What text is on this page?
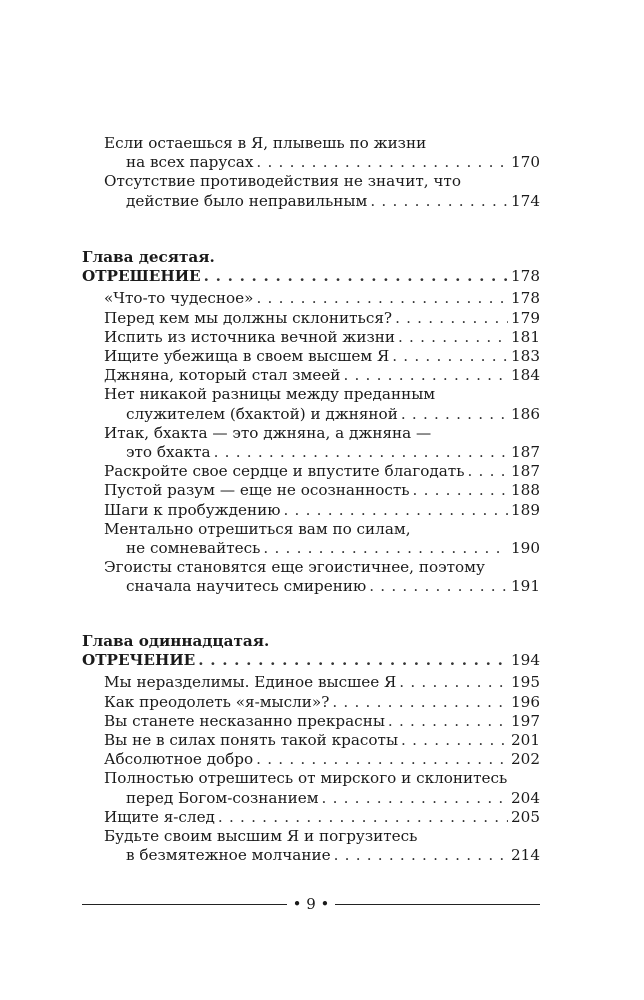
Если остаешься в Я, плывешь по жизни
на всех парусах . . .	170
Отсутствие противодействия не значит, что
действие было неправильным . . .	174
Глава десятая.
ОТРЕШЕНИЕ . . .	178
«Что-то чудесное» . . .	178
Перед кем мы должны склониться? . . .	179
Испить из источника вечной жизни . . .	181
Ищите убежища в своем высшем Я . . .	183
Джняна, который стал змеей . . .	184
Нет никакой разницы между преданным
служителем (бхактой) и джняной . . .	186
Итак, бхакта — это джняна, а джняна —
это бхакта . . .	187
Раскройте свое сердце и впустите благодать . . .	187
Пустой разум — еще не осознанность . . .	188
Шаги к пробуждению . . .	189
Ментально отрешиться вам по силам,
не сомневайтесь . . .	190
Эгоисты становятся еще эгоистичнее, поэтому
сначала научитесь смирению . . .	191
Глава одиннадцатая.
ОТРЕЧЕНИЕ . . .	194
Мы неразделимы. Единое высшее Я . . .	195
Как преодолеть «я-мысли»? . . .	196
Вы станете несказанно прекрасны . . .	197
Вы не в силах понять такой красоты . . .	201
Абсолютное добро . . .	202
Полностью отрешитесь от мирского и склонитесь
перед Богом-сознанием . . .	204
Ищите я-след . . .	205
Будьте своим высшим Я и погрузитесь
в безмятежное молчание . . .	214
• 9 •
